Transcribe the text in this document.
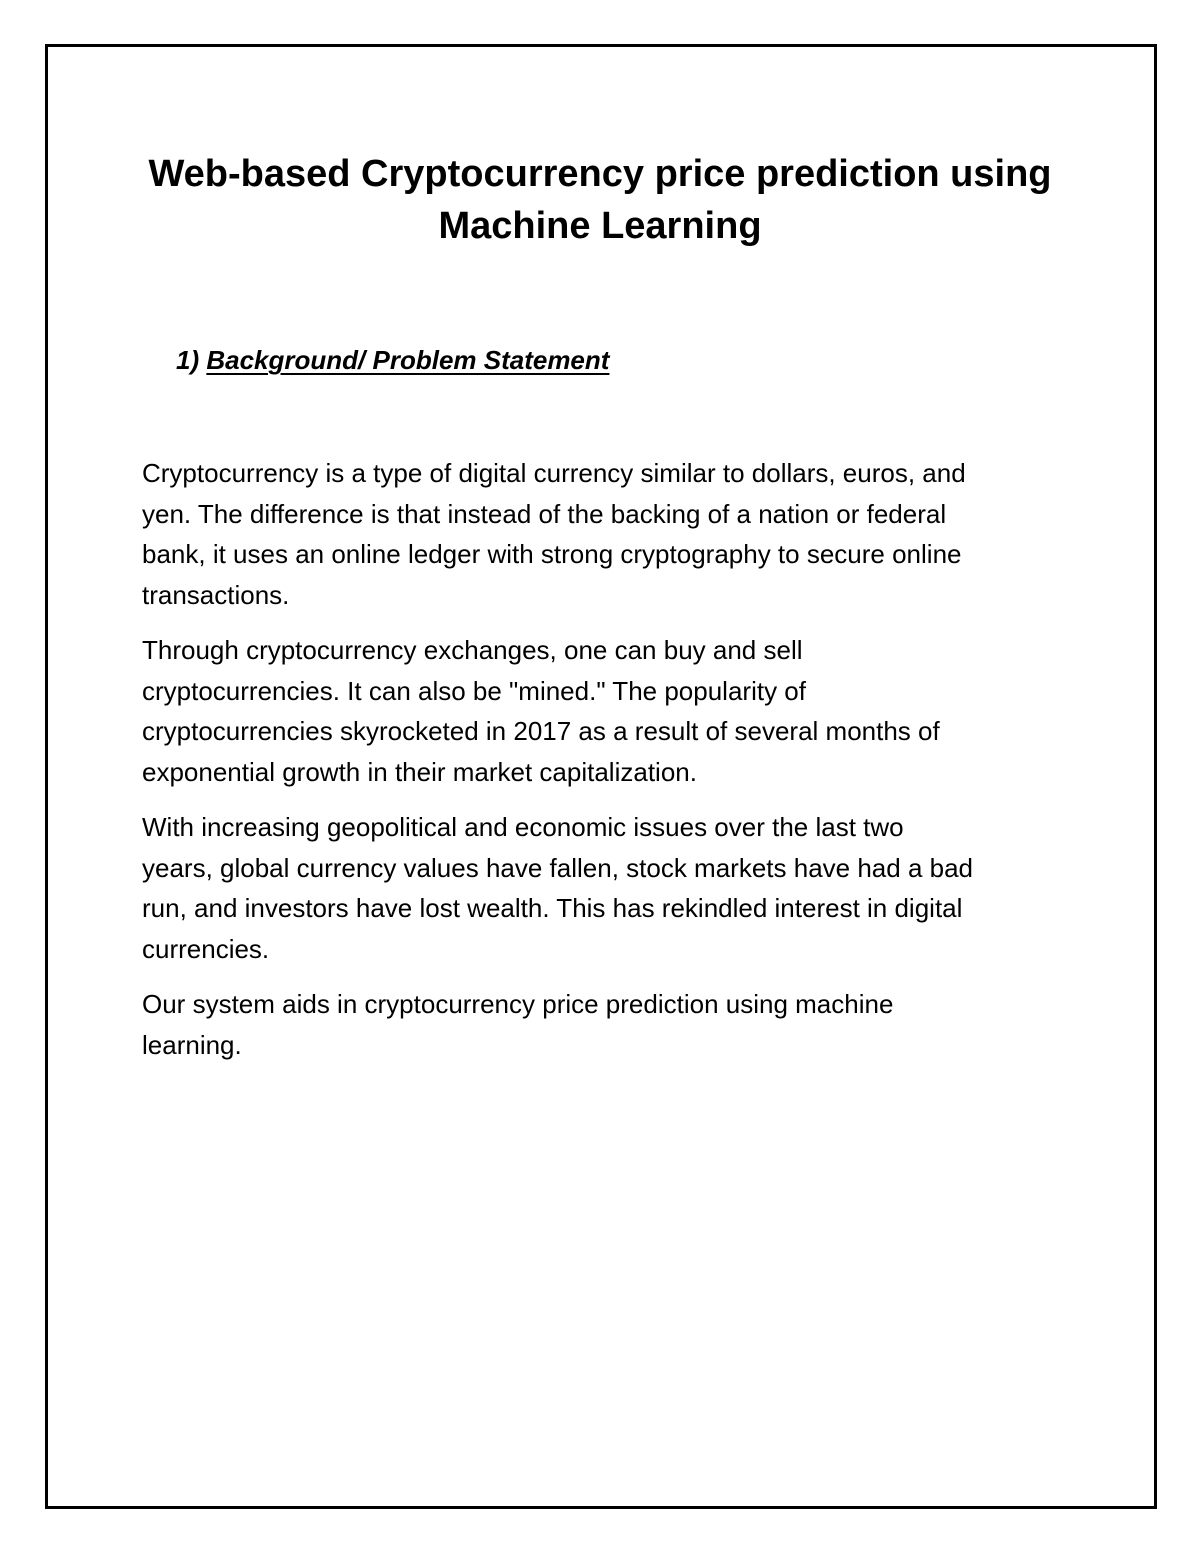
Web-based Cryptocurrency price prediction using
Machine Learning
1) Background/ Problem Statement

Cryptocurrency is a type of digital currency similar to dollars, euros, and
yen. The difference is that instead of the backing of a nation or federal
bank, it uses an online ledger with strong cryptography to secure online
transactions.

Through cryptocurrency exchanges, one can buy and sell
cryptocurrencies. It can also be "mined." The popularity of
cryptocurrencies skyrocketed in 2017 as a result of several months of
exponential growth in their market capitalization.

With increasing geopolitical and economic issues over the last two
years, global currency values have fallen, stock markets have had a bad
run, and investors have lost wealth. This has rekindled interest in digital
currencies.

Our system aids in cryptocurrency price prediction using machine
learning.
